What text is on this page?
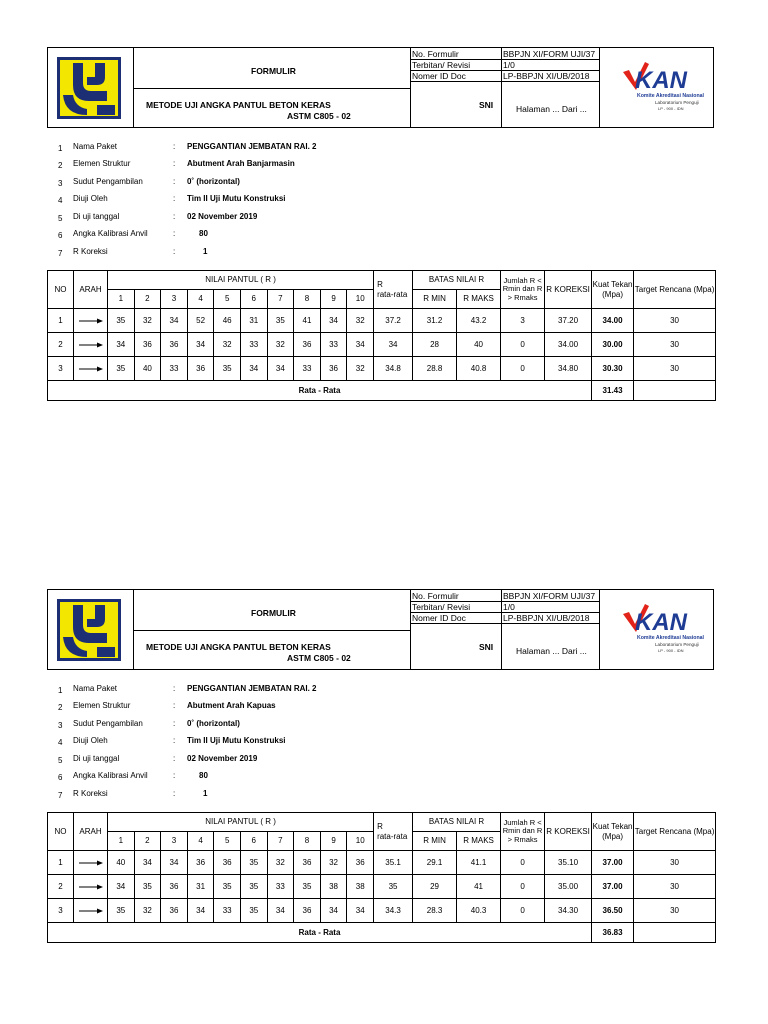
FORMULIR
METODE UJI ANGKA PANTUL BETON KERAS
ASTM C805 - 02
SNI
No. Formulir	BBPJN XI/FORM UJI/37
Terbitan/ Revisi	1/0
Nomer ID Doc	LP-BBPJN XI/UB/2018
Halaman ... Dari ...
KAN
Komite Akreditasi Nasional
Laboratorium Penguji
LP - 900 - IDN
1 Nama Paket	: PENGGANTIAN JEMBATAN RAI. 2
2 Elemen Struktur	: Abutment Arah Banjarmasin
3 Sudut Pengambilan	: 0˚ (horizontal)
4 Diuji Oleh	: Tim II Uji Mutu Konstruksi
5 Di uji tanggal	: 02 November 2019
6 Angka Kalibrasi Anvil	:	80
7 R Koreksi	:	1
NO	ARAH	NILAI PANTUL ( R )										R
rata-rata	BATAS NILAI R		Jumlah R < Rmin dan R > Rmaks	R KOREKSI	Kuat Tekan (Mpa)	Target Rencana (Mpa)
		1	2	3	4	5	6	7	8	9	10		R MIN	R MAKS				
1		35	32	34	52	46	31	35	41	34	32	37.2	31.2	43.2	3	37.20	34.00	30
2		34	36	36	34	32	33	32	36	33	34	34	28	40	0	34.00	30.00	30
3		35	40	33	36	35	34	34	33	36	32	34.8	28.8	40.8	0	34.80	30.30	30
Rata - Rata																	31.43	
FORMULIR
METODE UJI ANGKA PANTUL BETON KERAS
ASTM C805 - 02
SNI
No. Formulir	BBPJN XI/FORM UJI/37
Terbitan/ Revisi	1/0
Nomer ID Doc	LP-BBPJN XI/UB/2018
Halaman ... Dari ...
KAN
Komite Akreditasi Nasional
Laboratorium Penguji
LP - 900 - IDN
1 Nama Paket	: PENGGANTIAN JEMBATAN RAI. 2
2 Elemen Struktur	: Abutment Arah Kapuas
3 Sudut Pengambilan	: 0˚ (horizontal)
4 Diuji Oleh	: Tim II Uji Mutu Konstruksi
5 Di uji tanggal	: 02 November 2019
6 Angka Kalibrasi Anvil	:	80
7 R Koreksi	:	1
NO	ARAH	NILAI PANTUL ( R )										R
rata-rata	BATAS NILAI R		Jumlah R < Rmin dan R > Rmaks	R KOREKSI	Kuat Tekan (Mpa)	Target Rencana (Mpa)
		1	2	3	4	5	6	7	8	9	10		R MIN	R MAKS				
1		40	34	34	36	36	35	32	36	32	36	35.1	29.1	41.1	0	35.10	37.00	30
2		34	35	36	31	35	35	33	35	38	38	35	29	41	0	35.00	37.00	30
3		35	32	36	34	33	35	34	36	34	34	34.3	28.3	40.3	0	34.30	36.50	30
Rata - Rata																	36.83	
